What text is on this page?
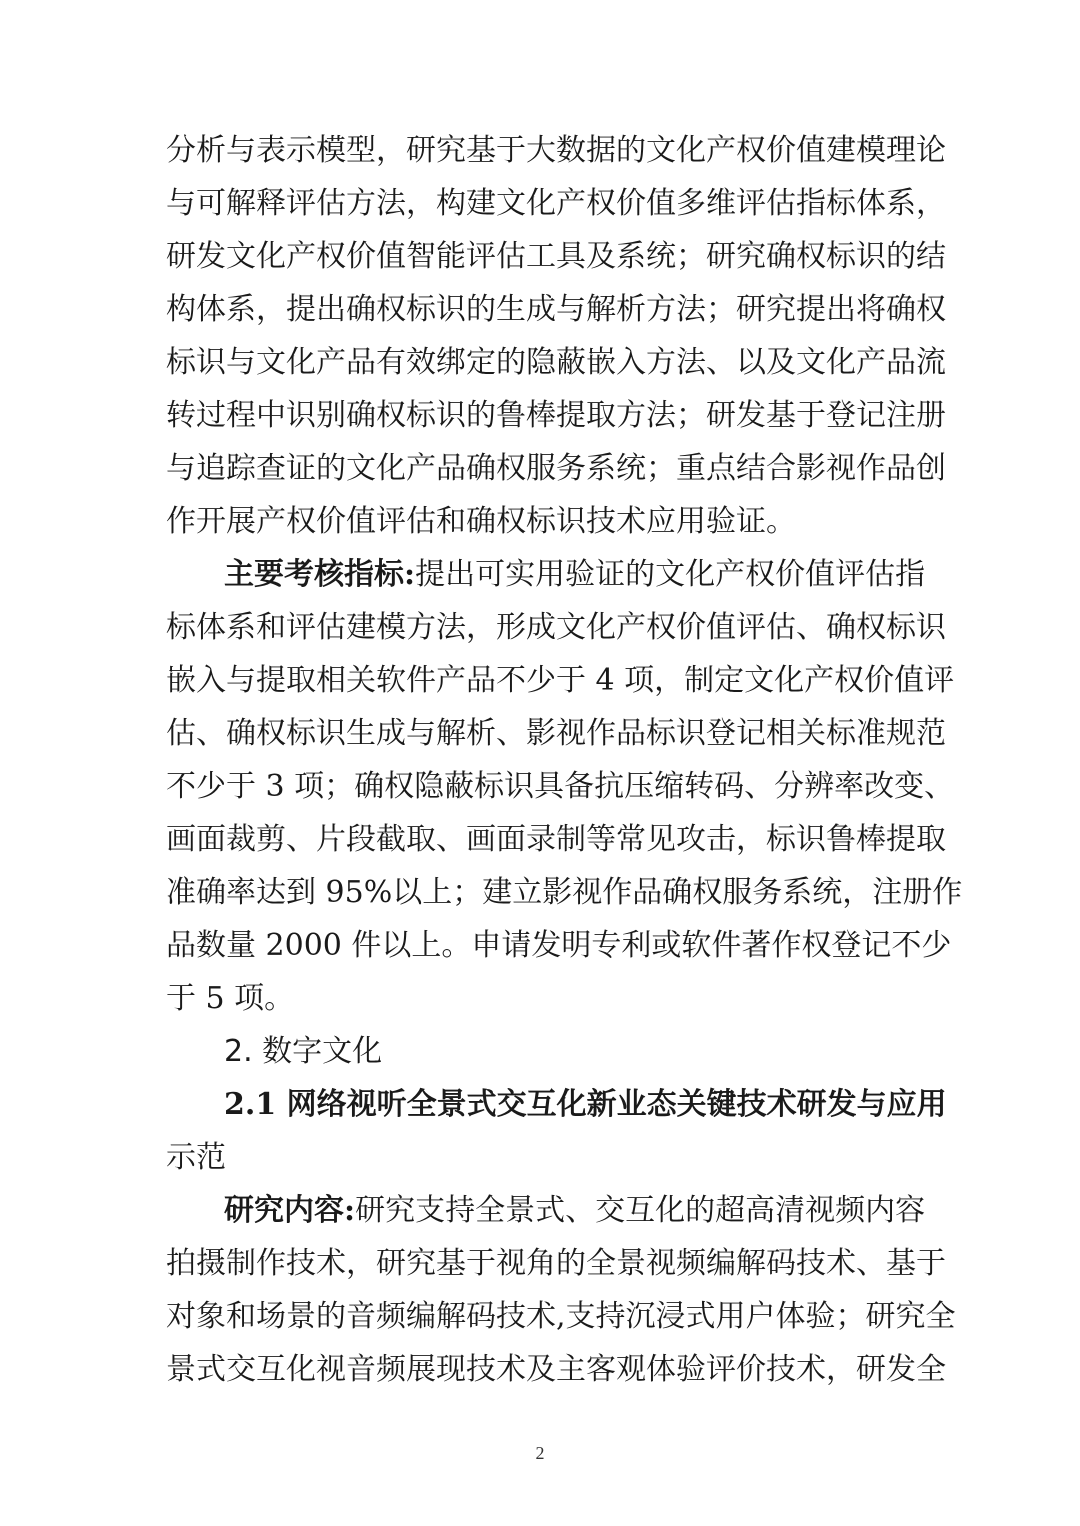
分析与表示模型，研究基于大数据的文化产权价值建模理论
与可解释评估方法，构建文化产权价值多维评估指标体系，
研发文化产权价值智能评估工具及系统；研究确权标识的结
构体系，提出确权标识的生成与解析方法；研究提出将确权
标识与文化产品有效绑定的隐蔽嵌入方法、以及文化产品流
转过程中识别确权标识的鲁棒提取方法；研发基于登记注册
与追踪查证的文化产品确权服务系统；重点结合影视作品创
作开展产权价值评估和确权标识技术应用验证。
主要考核指标:提出可实用验证的文化产权价值评估指
标体系和评估建模方法，形成文化产权价值评估、确权标识
嵌入与提取相关软件产品不少于 4 项，制定文化产权价值评
估、确权标识生成与解析、影视作品标识登记相关标准规范
不少于 3 项；确权隐蔽标识具备抗压缩转码、分辨率改变、
画面裁剪、片段截取、画面录制等常见攻击，标识鲁棒提取
准确率达到 95%以上；建立影视作品确权服务系统，注册作
品数量 2000 件以上。申请发明专利或软件著作权登记不少
于 5 项。
2. 数字文化
2.1 网络视听全景式交互化新业态关键技术研发与应用
示范
研究内容:研究支持全景式、交互化的超高清视频内容
拍摄制作技术，研究基于视角的全景视频编解码技术、基于
对象和场景的音频编解码技术,支持沉浸式用户体验；研究全
景式交互化视音频展现技术及主客观体验评价技术，研发全
2
